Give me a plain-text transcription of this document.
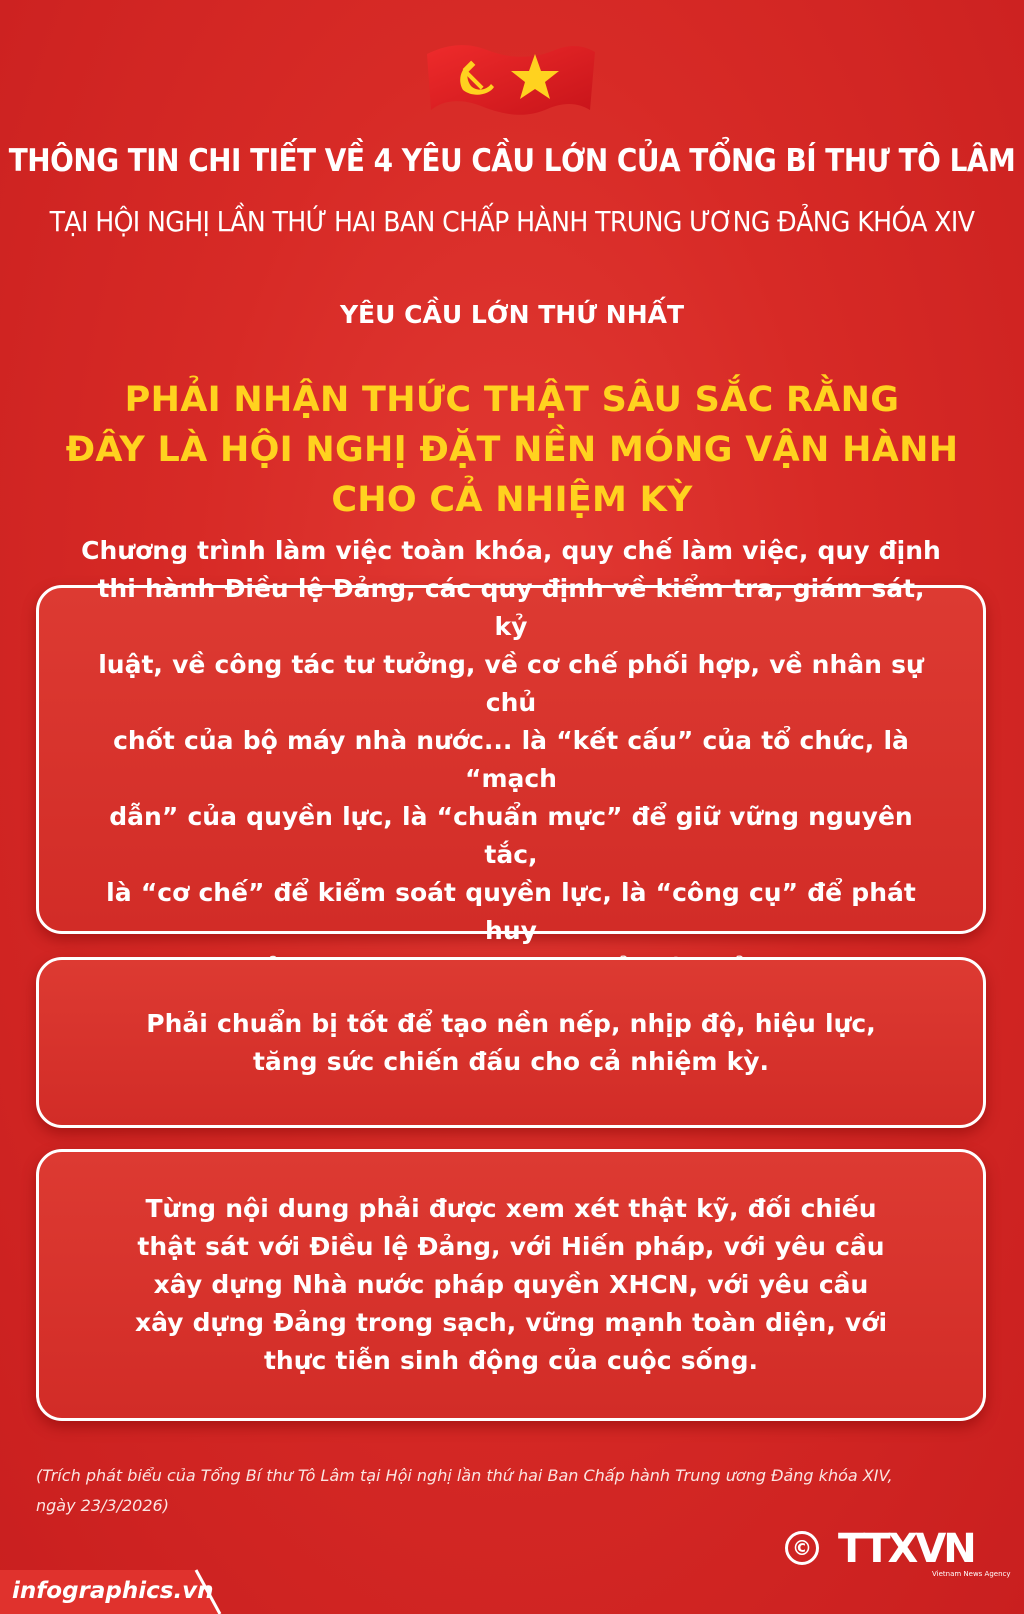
THÔNG TIN CHI TIẾT VỀ 4 YÊU CẦU LỚN CỦA TỔNG BÍ THƯ TÔ LÂM
TẠI HỘI NGHỊ LẦN THỨ HAI BAN CHẤP HÀNH TRUNG ƯƠNG ĐẢNG KHÓA XIV
YÊU CẦU LỚN THỨ NHẤT
PHẢI NHẬN THỨC THẬT SÂU SẮC RẰNG
ĐÂY LÀ HỘI NGHỊ ĐẶT NỀN MÓNG VẬN HÀNH
CHO CẢ NHIỆM KỲ

Chương trình làm việc toàn khóa, quy chế làm việc, quy định
thi hành Điều lệ Đảng, các quy định về kiểm tra, giám sát, kỷ
luật, về công tác tư tưởng, về cơ chế phối hợp, về nhân sự chủ
chốt của bộ máy nhà nước... là “kết cấu” của tổ chức, là “mạch
dẫn” của quyền lực, là “chuẩn mực” để giữ vững nguyên tắc,
là “cơ chế” để kiểm soát quyền lực, là “công cụ” để phát huy

Phải chuẩn bị tốt để tạo nền nếp, nhịp độ, hiệu lực,
tăng sức chiến đấu cho cả nhiệm kỳ.

Từng nội dung phải được xem xét thật kỹ, đối chiếu
thật sát với Điều lệ Đảng, với Hiến pháp, với yêu cầu
xây dựng Nhà nước pháp quyền XHCN, với yêu cầu
xây dựng Đảng trong sạch, vững mạnh toàn diện, với
thực tiễn sinh động của cuộc sống.

(Trích phát biểu của Tổng Bí thư Tô Lâm tại Hội nghị lần thứ hai Ban Chấp hành Trung ương Đảng khóa XIV,
ngày 23/3/2026)
© TTXVN
Vietnam News Agency
infographics.vn
